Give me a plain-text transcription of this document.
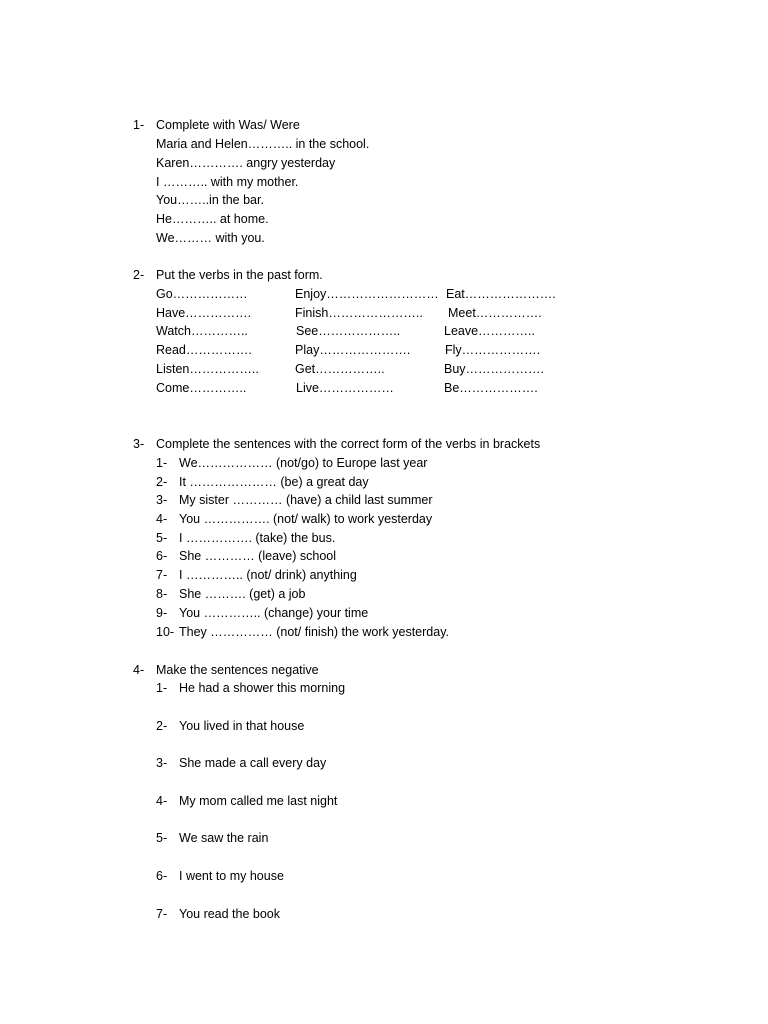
1- Complete with Was/ Were
Maria and Helen……….. in the school.
Karen…………. angry yesterday
I ……….. with my mother.
You……..in the bar.
He……….. at home.
We……… with you.
2- Put the verbs in the past form.
Go………………	Enjoy……………………… Eat………………….
Have…………….	Finish………………….. Meet…………….
Watch…………..	See………………..	Leave…………..
Read…………….	Play………………….	Fly……………….
Listen……………..	Get……………..	Buy……………….
Come…………..	Live………………	Be……………….
3- Complete the sentences with the correct form of the verbs in brackets
1- We……………… (not/go) to Europe last year
2- It ………………… (be) a great day
3- My sister ………… (have) a child last summer
4- You ……………. (not/ walk) to work yesterday
5- I ……………. (take) the bus.
6- She ………… (leave) school
7- I ………….. (not/ drink) anything
8- She ………. (get) a job
9- You ………….. (change) your time
10- They …………… (not/ finish) the work yesterday.
4- Make the sentences negative
1- He had a shower this morning
2- You lived in that house
3- She made a call every day
4- My mom called me last night
5- We saw the rain
6- I went to my house
7- You read the book
